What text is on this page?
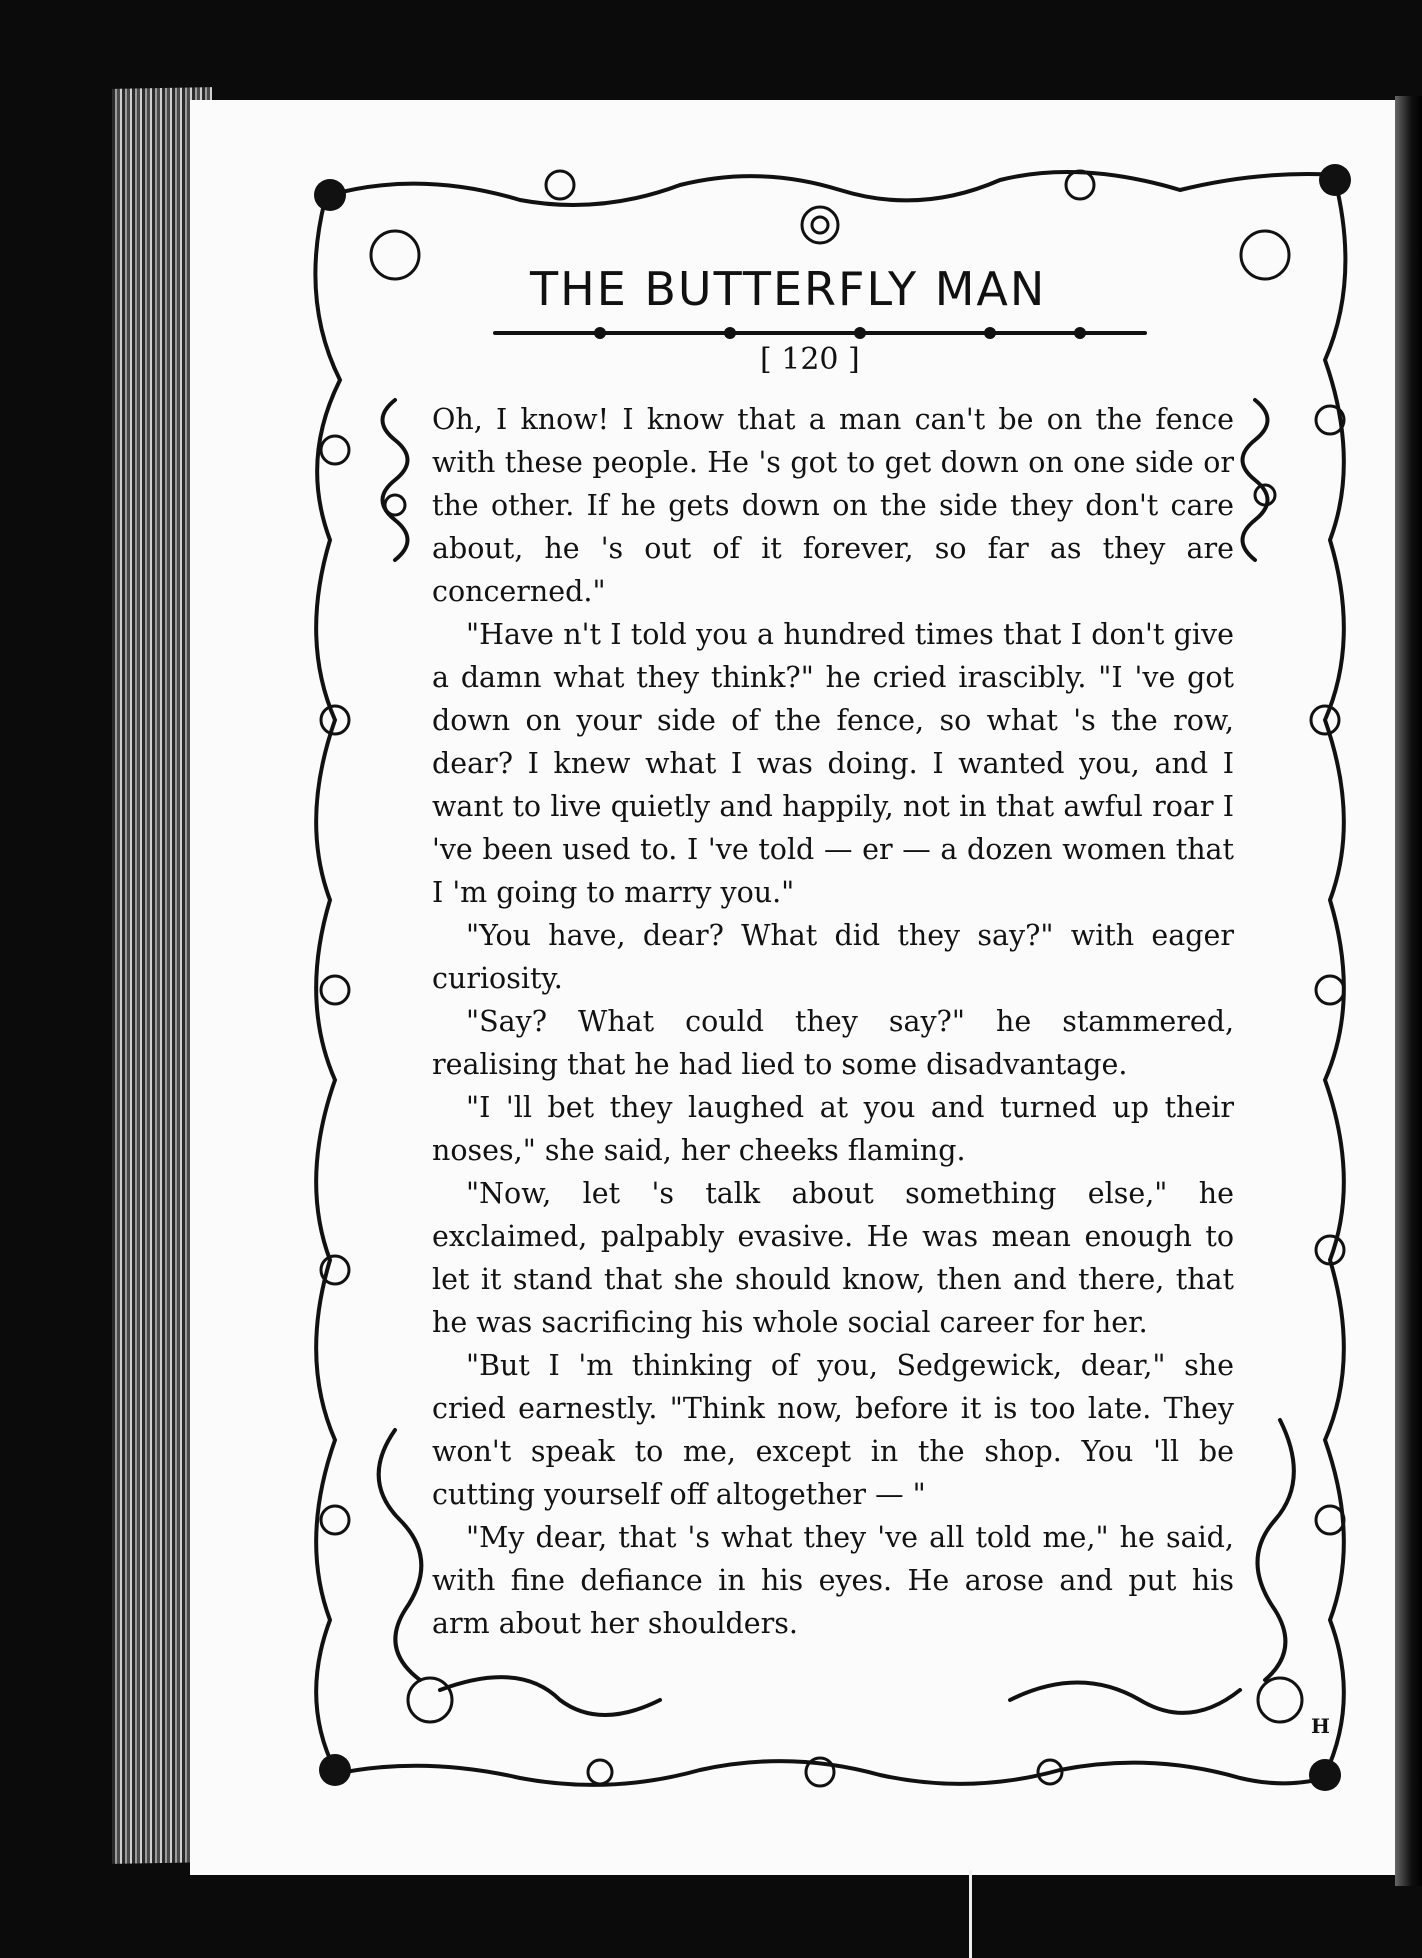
THE BUTTERFLY MAN
[ 120 ]

Oh, I know! I know that a man can't be on the fence with these people. He 's got to get down on one side or the other. If he gets down on the side they don't care about, he 's out of it forever, so far as they are concerned."

"Have n't I told you a hundred times that I don't give a damn what they think?" he cried irascibly. "I 've got down on your side of the fence, so what 's the row, dear? I knew what I was doing. I wanted you, and I want to live quietly and happily, not in that awful roar I 've been used to. I 've told — er — a dozen women that I 'm going to marry you."

"You have, dear? What did they say?" with eager curiosity.

"Say? What could they say?" he stammered, realising that he had lied to some disadvantage.

"I 'll bet they laughed at you and turned up their noses," she said, her cheeks flaming.

"Now, let 's talk about something else," he exclaimed, palpably evasive. He was mean enough to let it stand that she should know, then and there, that he was sacrificing his whole social career for her.

"But I 'm thinking of you, Sedgewick, dear," she cried earnestly. "Think now, before it is too late. They won't speak to me, except in the shop. You 'll be cutting yourself off altogether — "

"My dear, that 's what they 've all told me," he said, with fine defiance in his eyes. He arose and put his arm about her shoulders.

H
